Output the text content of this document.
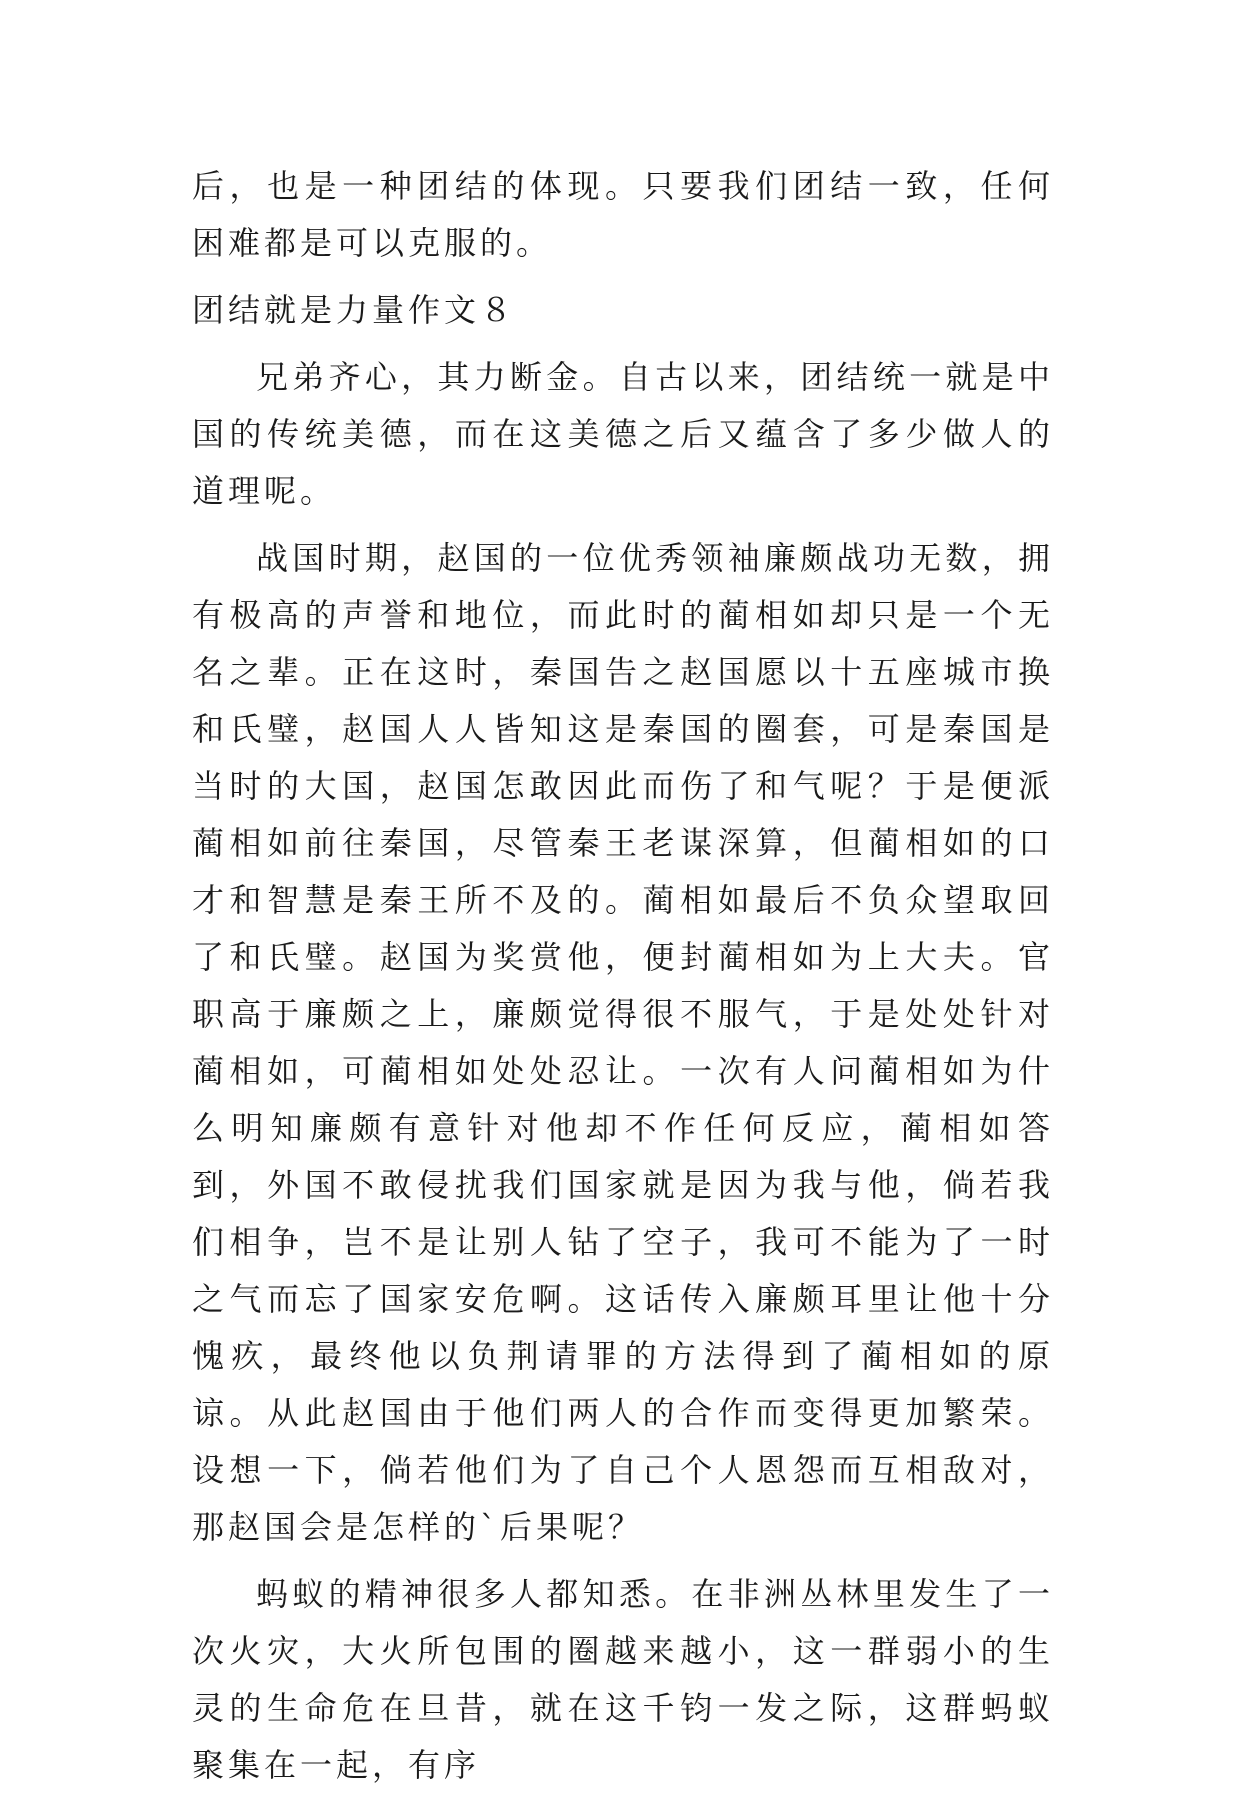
后，也是一种团结的体现。只要我们团结一致，任何困难都是可以克服的。

团结就是力量作文８

兄弟齐心，其力断金。自古以来，团结统一就是中国的传统美德，而在这美德之后又蕴含了多少做人的道理呢。

战国时期，赵国的一位优秀领袖廉颇战功无数，拥有极高的声誉和地位，而此时的蔺相如却只是一个无名之辈。正在这时，秦国告之赵国愿以十五座城市换和氏璧，赵国人人皆知这是秦国的圈套，可是秦国是当时的大国，赵国怎敢因此而伤了和气呢？于是便派蔺相如前往秦国，尽管秦王老谋深算，但蔺相如的口才和智慧是秦王所不及的。蔺相如最后不负众望取回了和氏璧。赵国为奖赏他，便封蔺相如为上大夫。官职高于廉颇之上，廉颇觉得很不服气，于是处处针对蔺相如，可蔺相如处处忍让。一次有人问蔺相如为什么明知廉颇有意针对他却不作任何反应，蔺相如答到，外国不敢侵扰我们国家就是因为我与他，倘若我们相争，岂不是让别人钻了空子，我可不能为了一时之气而忘了国家安危啊。这话传入廉颇耳里让他十分愧疚，最终他以负荆请罪的方法得到了蔺相如的原谅。从此赵国由于他们两人的合作而变得更加繁荣。设想一下，倘若他们为了自己个人恩怨而互相敌对，那赵国会是怎样的`后果呢？

蚂蚁的精神很多人都知悉。在非洲丛林里发生了一次火灾，大火所包围的圈越来越小，这一群弱小的生灵的生命危在旦昔，就在这千钧一发之际，这群蚂蚁聚集在一起，有序
